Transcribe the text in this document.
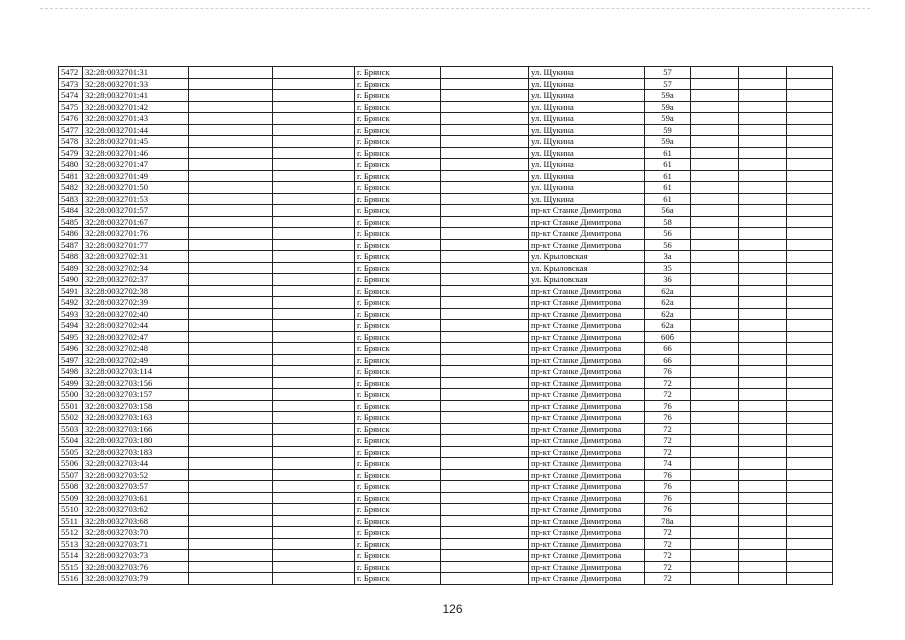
5472	32:28:0032701:31			г. Брянск		ул. Щукина	57			
5473	32:28:0032701:33			г. Брянск		ул. Щукина	57			
5474	32:28:0032701:41			г. Брянск		ул. Щукина	59а			
5475	32:28:0032701:42			г. Брянск		ул. Щукина	59а			
5476	32:28:0032701:43			г. Брянск		ул. Щукина	59а			
5477	32:28:0032701:44			г. Брянск		ул. Щукина	59			
5478	32:28:0032701:45			г. Брянск		ул. Щукина	59а			
5479	32:28:0032701:46			г. Брянск		ул. Щукина	61			
5480	32:28:0032701:47			г. Брянск		ул. Щукина	61			
5481	32:28:0032701:49			г. Брянск		ул. Щукина	61			
5482	32:28:0032701:50			г. Брянск		ул. Щукина	61			
5483	32:28:0032701:53			г. Брянск		ул. Щукина	61			
5484	32:28:0032701:57			г. Брянск		пр-кт Станке Димитрова	56а			
5485	32:28:0032701:67			г. Брянск		пр-кт Станке Димитрова	58			
5486	32:28:0032701:76			г. Брянск		пр-кт Станке Димитрова	56			
5487	32:28:0032701:77			г. Брянск		пр-кт Станке Димитрова	56			
5488	32:28:0032702:31			г. Брянск		ул. Крыловская	3а			
5489	32:28:0032702:34			г. Брянск		ул. Крыловская	35			
5490	32:28:0032702:37			г. Брянск		ул. Крыловская	36			
5491	32:28:0032702:38			г. Брянск		пр-кт Станке Димитрова	62а			
5492	32:28:0032702:39			г. Брянск		пр-кт Станке Димитрова	62а			
5493	32:28:0032702:40			г. Брянск		пр-кт Станке Димитрова	62а			
5494	32:28:0032702:44			г. Брянск		пр-кт Станке Димитрова	62а			
5495	32:28:0032702:47			г. Брянск		пр-кт Станке Димитрова	60б			
5496	32:28:0032702:48			г. Брянск		пр-кт Станке Димитрова	66			
5497	32:28:0032702:49			г. Брянск		пр-кт Станке Димитрова	66			
5498	32:28:0032703:114			г. Брянск		пр-кт Станке Димитрова	76			
5499	32:28:0032703:156			г. Брянск		пр-кт Станке Димитрова	72			
5500	32:28:0032703:157			г. Брянск		пр-кт Станке Димитрова	72			
5501	32:28:0032703:158			г. Брянск		пр-кт Станке Димитрова	76			
5502	32:28:0032703:163			г. Брянск		пр-кт Станке Димитрова	76			
5503	32:28:0032703:166			г. Брянск		пр-кт Станке Димитрова	72			
5504	32:28:0032703:180			г. Брянск		пр-кт Станке Димитрова	72			
5505	32:28:0032703:183			г. Брянск		пр-кт Станке Димитрова	72			
5506	32:28:0032703:44			г. Брянск		пр-кт Станке Димитрова	74			
5507	32:28:0032703:52			г. Брянск		пр-кт Станке Димитрова	76			
5508	32:28:0032703:57			г. Брянск		пр-кт Станке Димитрова	76			
5509	32:28:0032703:61			г. Брянск		пр-кт Станке Димитрова	76			
5510	32:28:0032703:62			г. Брянск		пр-кт Станке Димитрова	76			
5511	32:28:0032703:68			г. Брянск		пр-кт Станке Димитрова	78а			
5512	32:28:0032703:70			г. Брянск		пр-кт Станке Димитрова	72			
5513	32:28:0032703:71			г. Брянск		пр-кт Станке Димитрова	72			
5514	32:28:0032703:73			г. Брянск		пр-кт Станке Димитрова	72			
5515	32:28:0032703:76			г. Брянск		пр-кт Станке Димитрова	72			
5516	32:28:0032703:79			г. Брянск		пр-кт Станке Димитрова	72			
126
